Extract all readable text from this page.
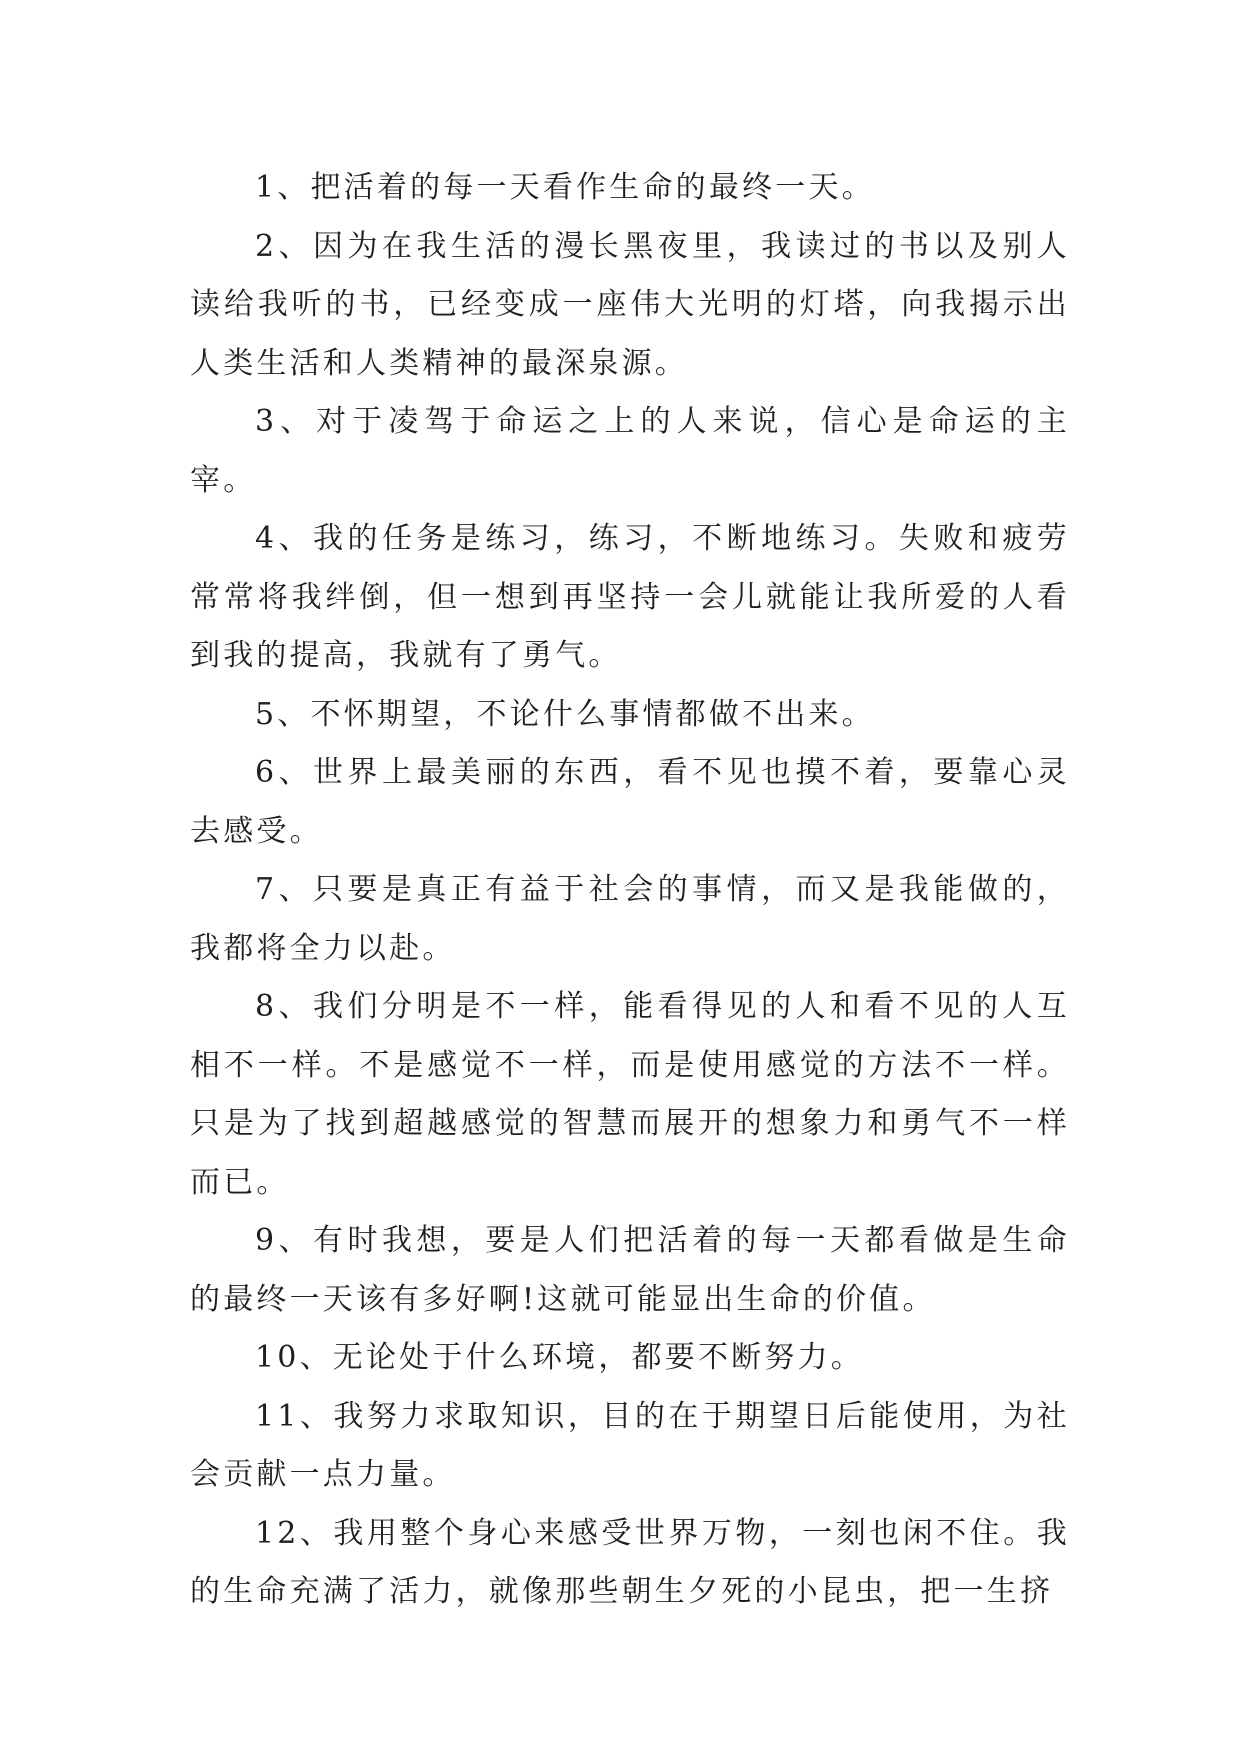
1、把活着的每一天看作生命的最终一天。

2、因为在我生活的漫长黑夜里，我读过的书以及别人读给我听的书，已经变成一座伟大光明的灯塔，向我揭示出人类生活和人类精神的最深泉源。

3、对于凌驾于命运之上的人来说，信心是命运的主宰。

4、我的任务是练习，练习，不断地练习。失败和疲劳常常将我绊倒，但一想到再坚持一会儿就能让我所爱的人看到我的提高，我就有了勇气。

5、不怀期望，不论什么事情都做不出来。

6、世界上最美丽的东西，看不见也摸不着，要靠心灵去感受。

7、只要是真正有益于社会的事情，而又是我能做的，我都将全力以赴。

8、我们分明是不一样，能看得见的人和看不见的人互相不一样。不是感觉不一样，而是使用感觉的方法不一样。只是为了找到超越感觉的智慧而展开的想象力和勇气不一样而已。

9、有时我想，要是人们把活着的每一天都看做是生命的最终一天该有多好啊!这就可能显出生命的价值。

10、无论处于什么环境，都要不断努力。

11、我努力求取知识，目的在于期望日后能使用，为社会贡献一点力量。

12、我用整个身心来感受世界万物，一刻也闲不住。我的生命充满了活力，就像那些朝生夕死的小昆虫，把一生挤
